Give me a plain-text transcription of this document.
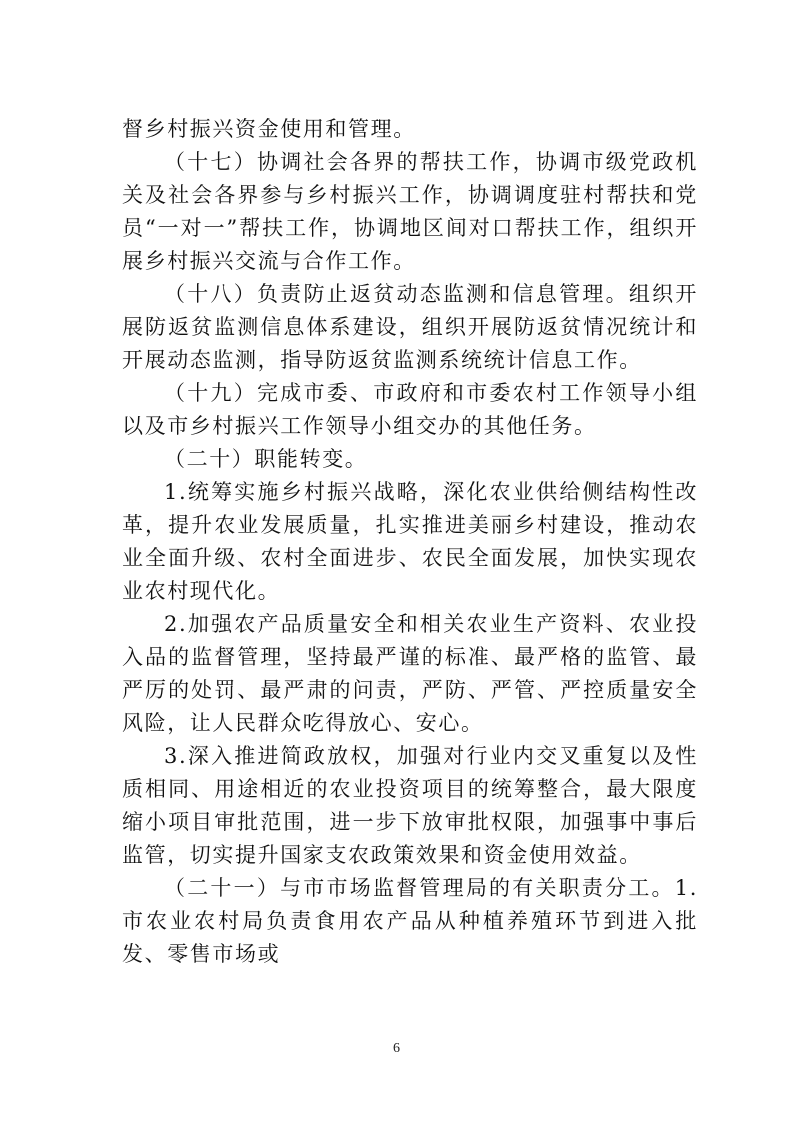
督乡村振兴资金使用和管理。

（十七）协调社会各界的帮扶工作，协调市级党政机关及社会各界参与乡村振兴工作，协调调度驻村帮扶和党员“一对一”帮扶工作，协调地区间对口帮扶工作，组织开展乡村振兴交流与合作工作。

（十八）负责防止返贫动态监测和信息管理。组织开展防返贫监测信息体系建设，组织开展防返贫情况统计和开展动态监测，指导防返贫监测系统统计信息工作。

（十九）完成市委、市政府和市委农村工作领导小组以及市乡村振兴工作领导小组交办的其他任务。

（二十）职能转变。

1.统筹实施乡村振兴战略，深化农业供给侧结构性改革，提升农业发展质量，扎实推进美丽乡村建设，推动农业全面升级、农村全面进步、农民全面发展，加快实现农业农村现代化。

2.加强农产品质量安全和相关农业生产资料、农业投入品的监督管理，坚持最严谨的标准、最严格的监管、最严厉的处罚、最严肃的问责，严防、严管、严控质量安全风险，让人民群众吃得放心、安心。

3.深入推进简政放权，加强对行业内交叉重复以及性质相同、用途相近的农业投资项目的统筹整合，最大限度缩小项目审批范围，进一步下放审批权限，加强事中事后监管，切实提升国家支农政策效果和资金使用效益。

（二十一）与市市场监督管理局的有关职责分工。1.市农业农村局负责食用农产品从种植养殖环节到进入批发、零售市场或

6
